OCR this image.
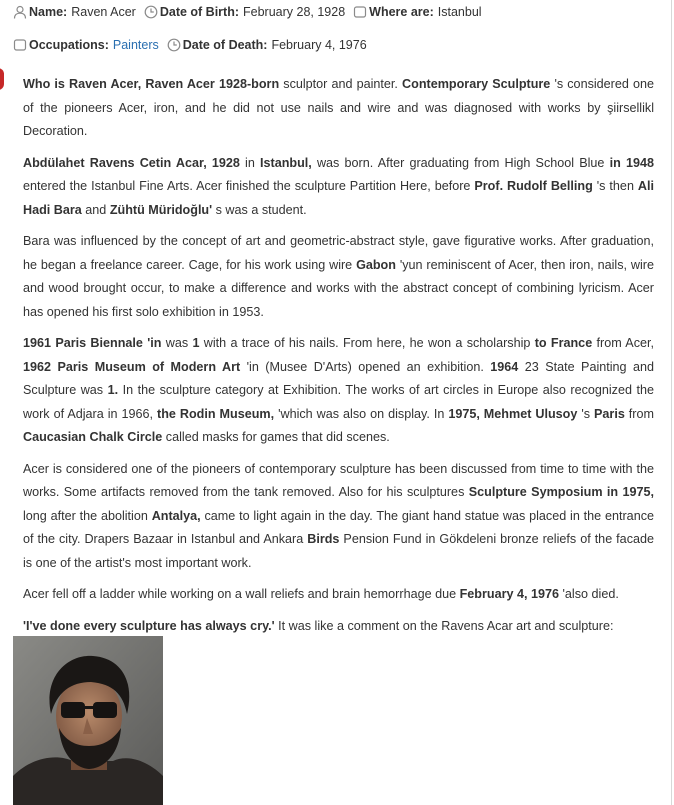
Name: Raven Acer Date of Birth: February 28, 1928 Where are: Istanbul
Occupations: Painters Date of Death: February 4, 1976

Who is Raven Acer, Raven Acer 1928-born sculptor and painter. Contemporary Sculpture 's considered one of the pioneers Acer, iron, and he did not use nails and wire and was diagnosed with works by şiirsellikl Decoration.

Abdülahet Ravens Cetin Acar, 1928 in Istanbul, was born. After graduating from High School Blue in 1948 entered the Istanbul Fine Arts. Acer finished the sculpture Partition Here, before Prof. Rudolf Belling 's then Ali Hadi Bara and Zühtü Müridoğlu' s was a student.

Bara was influenced by the concept of art and geometric-abstract style, gave figurative works. After graduation, he began a freelance career. Cage, for his work using wire Gabon 'yun reminiscent of Acer, then iron, nails, wire and wood brought occur, to make a difference and works with the abstract concept of combining lyricism. Acer has opened his first solo exhibition in 1953.

1961 Paris Biennale 'in was 1 with a trace of his nails. From here, he won a scholarship to France from Acer, 1962 Paris Museum of Modern Art 'in (Musee D'Arts) opened an exhibition. 1964 23 State Painting and Sculpture was 1. In the sculpture category at Exhibition. The works of art circles in Europe also recognized the work of Adjara in 1966, the Rodin Museum, 'which was also on display. In 1975, Mehmet Ulusoy 's Paris from Caucasian Chalk Circle called masks for games that did scenes.

Acer is considered one of the pioneers of contemporary sculpture has been discussed from time to time with the works. Some artifacts removed from the tank removed. Also for his sculptures Sculpture Symposium in 1975, long after the abolition Antalya, came to light again in the day. The giant hand statue was placed in the entrance of the city. Drapers Bazaar in Istanbul and Ankara Birds Pension Fund in Gökdeleni bronze reliefs of the facade is one of the artist's most important work.

Acer fell off a ladder while working on a wall reliefs and brain hemorrhage due February 4, 1976 'also died.

'I've done every sculpture has always cry.' It was like a comment on the Ravens Acar art and sculpture:
